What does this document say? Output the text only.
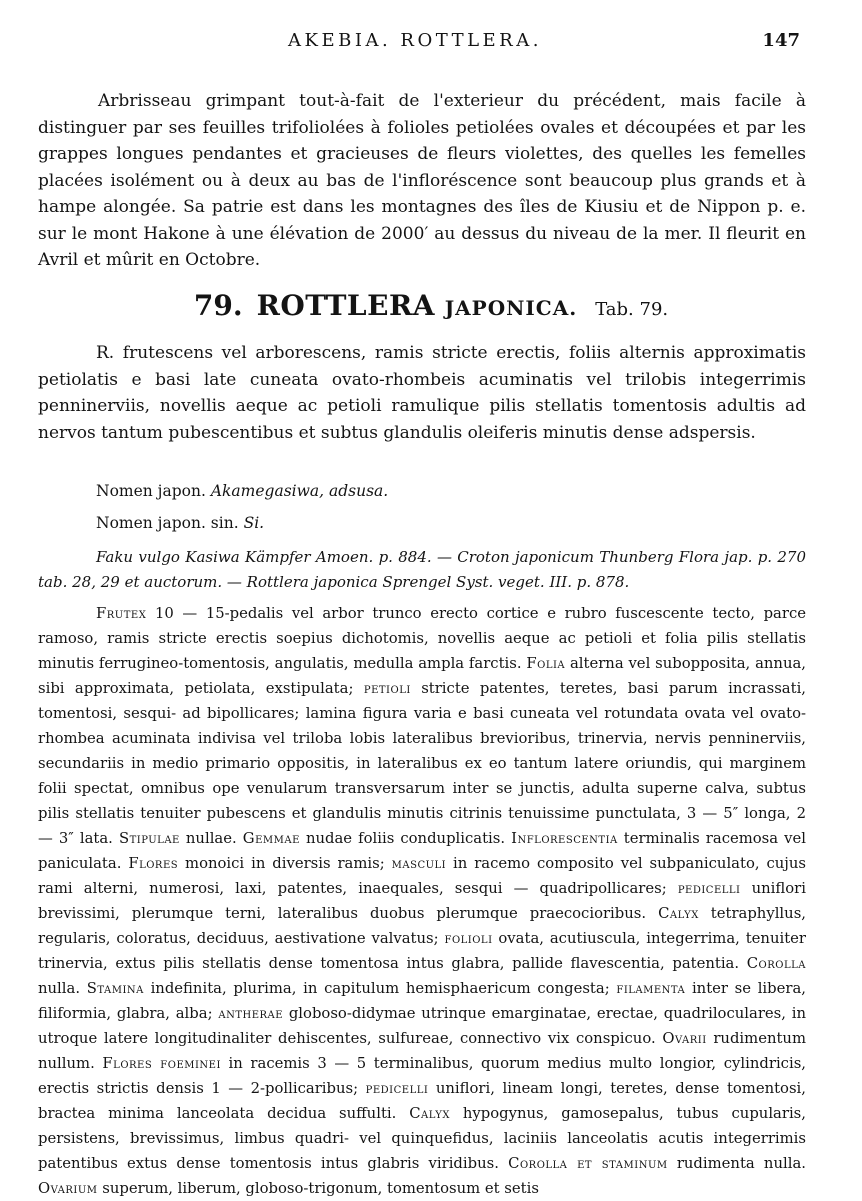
AKEBIA. ROTTLERA.	147

Arbrisseau grimpant tout-à-fait de l'exterieur du précédent, mais facile à distinguer par ses feuilles trifoliolées à folioles petiolées ovales et découpées et par les grappes longues pendantes et gracieuses de fleurs violettes, des quelles les femelles placées isolément ou à deux au bas de l'infloréscence sont beaucoup plus grands et à hampe alongée. Sa patrie est dans les montagnes des îles de Kiusiu et de Nippon p. e. sur le mont Hakone à une élévation de 2000′ au dessus du niveau de la mer. Il fleurit en Avril et mûrit en Octobre.

79. ROTTLERA JAPONICA. Tab. 79.

R. frutescens vel arborescens, ramis stricte erectis, foliis alternis approximatis petiolatis e basi late cuneata ovato-rhombeis acuminatis vel trilobis integerrimis penninerviis, novellis aeque ac petioli ramulique pilis stellatis tomentosis adultis ad nervos tantum pubescentibus et subtus glandulis oleiferis minutis dense adspersis.

Nomen japon. Akamegasiwa, adsusa.
Nomen japon. sin. Si.

Faku vulgo Kasiwa Kämpfer Amoen. p. 884. — Croton japonicum Thunberg Flora jap. p. 270 tab. 28, 29 et auctorum. — Rottlera japonica Sprengel Syst. veget. III. p. 878.

Frutex 10 — 15-pedalis vel arbor trunco erecto cortice e rubro fuscescente tecto, parce ramoso, ramis stricte erectis soepius dichotomis, novellis aeque ac petioli et folia pilis stellatis minutis ferrugineo-tomentosis, angulatis, medulla ampla farctis. Folia alterna vel subopposita, annua, sibi approximata, petiolata, exstipulata; petioli stricte patentes, teretes, basi parum incrassati, tomentosi, sesqui- ad bipollicares; lamina figura varia e basi cuneata vel rotundata ovata vel ovato-rhombea acuminata indivisa vel triloba lobis lateralibus brevioribus, trinervia, nervis penninerviis, secundariis in medio primario oppositis, in lateralibus ex eo tantum latere oriundis, qui marginem folii spectat, omnibus ope venularum transversarum inter se junctis, adulta superne calva, subtus pilis stellatis tenuiter pubescens et glandulis minutis citrinis tenuissime punctulata, 3 — 5″ longa, 2 — 3″ lata. Stipulae nullae. Gemmae nudae foliis conduplicatis. Inflorescentia terminalis racemosa vel paniculata. Flores monoici in diversis ramis; masculi in racemo composito vel subpaniculato, cujus rami alterni, numerosi, laxi, patentes, inaequales, sesqui — quadripollicares; pedicelli uniflori brevissimi, plerumque terni, lateralibus duobus plerumque praecocioribus. Calyx tetraphyllus, regularis, coloratus, deciduus, aestivatione valvatus; folioli ovata, acutiuscula, integerrima, tenuiter trinervia, extus pilis stellatis dense tomentosa intus glabra, pallide flavescentia, patentia. Corolla nulla. Stamina indefinita, plurima, in capitulum hemisphaericum congesta; filamenta inter se libera, filiformia, glabra, alba; antherae globoso-didymae utrinque emarginatae, erectae, quadriloculares, in utroque latere longitudinaliter dehiscentes, sulfureae, connectivo vix conspicuo. Ovarii rudimentum nullum. Flores foeminei in racemis 3 — 5 terminalibus, quorum medius multo longior, cylindricis, erectis strictis densis 1 — 2-pollicaribus; pedicelli uniflori, lineam longi, teretes, dense tomentosi, bractea minima lanceolata decidua suffulti. Calyx hypogynus, gamosepalus, tubus cupularis, persistens, brevissimus, limbus quadri- vel quinquefidus, laciniis lanceolatis acutis integerrimis patentibus extus dense tomentosis intus glabris viridibus. Corolla et staminum rudimenta nulla. Ovarium superum, liberum, globoso-trigonum, tomentosum et setis
